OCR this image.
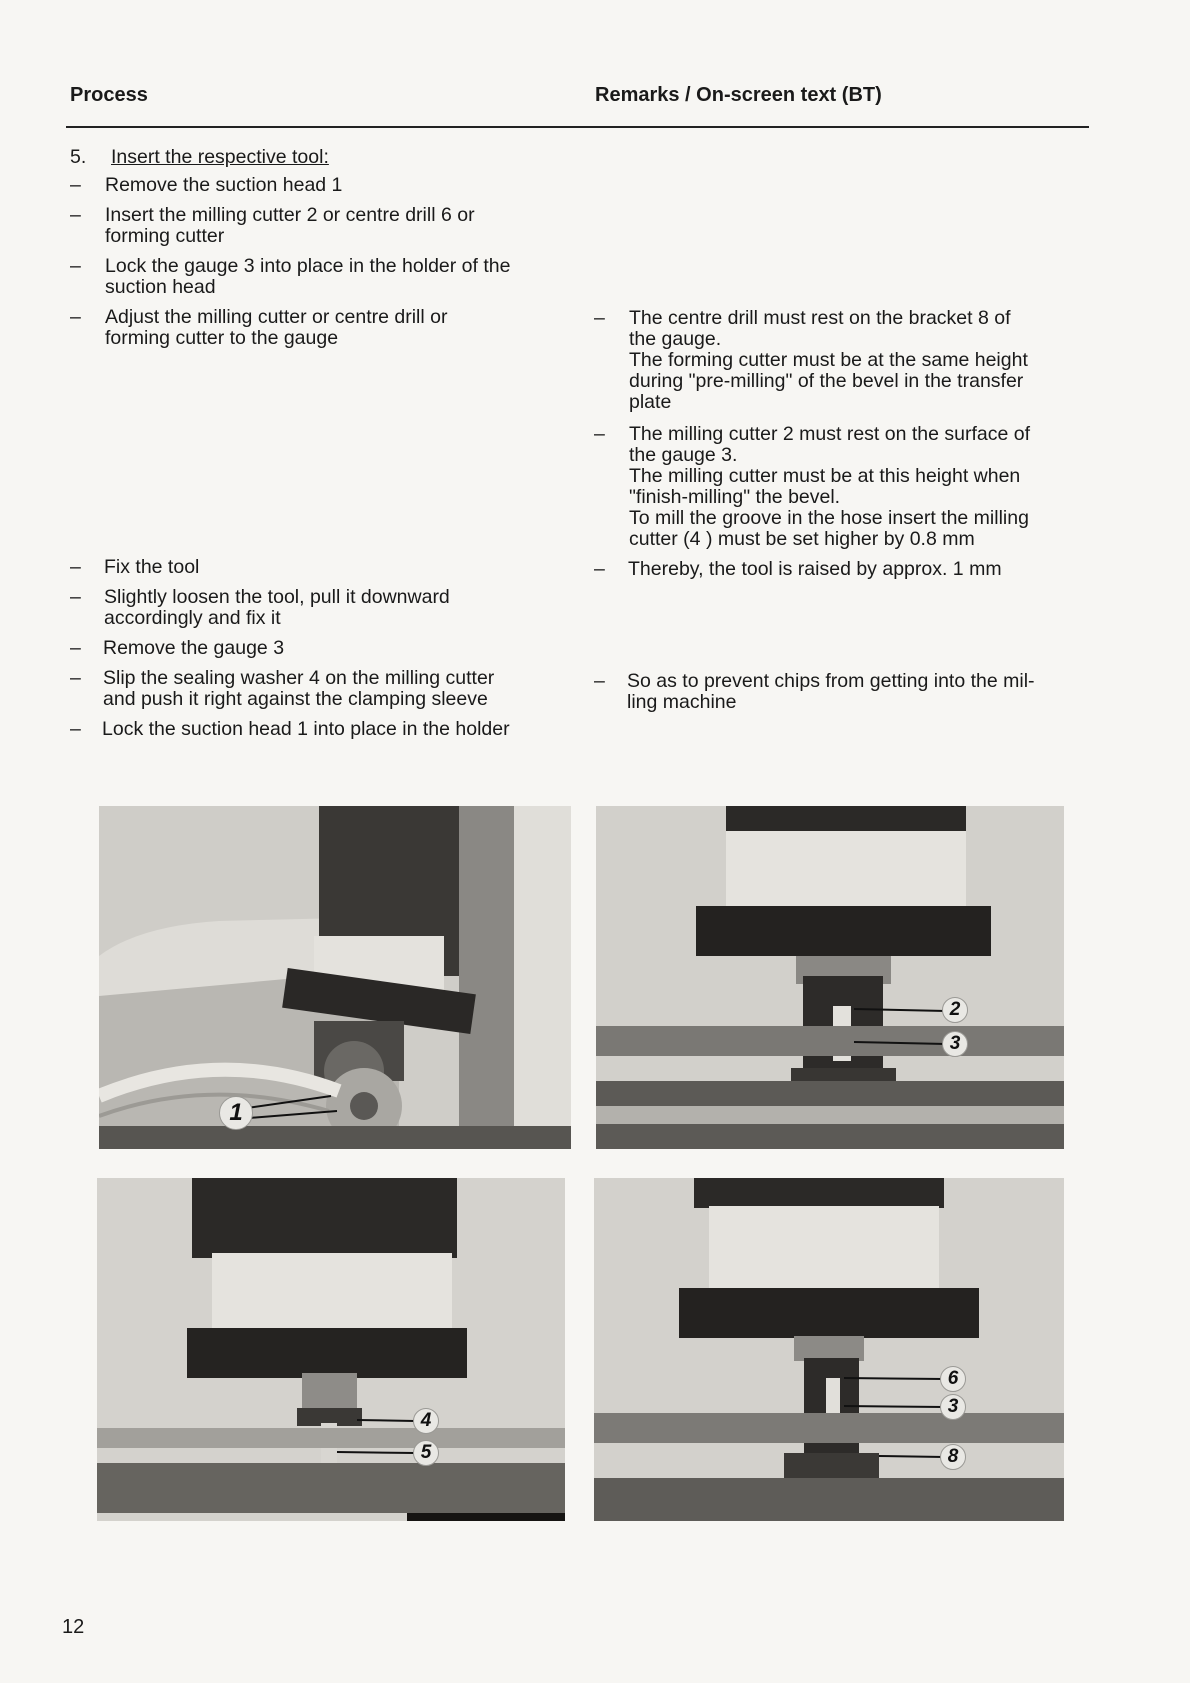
Process	Remarks / On-screen text (BT)
5. Insert the respective tool:
– Remove the suction head 1
– Insert the milling cutter 2 or centre drill 6 or
forming cutter
– Lock the gauge 3 into place in the holder of the
suction head
– Adjust the milling cutter or centre drill or
forming cutter to the gauge
– Fix the tool
– Slightly loosen the tool, pull it downward
accordingly and fix it
– Remove the gauge 3
– Slip the sealing washer 4 on the milling cutter
and push it right against the clamping sleeve
– Lock the suction head 1 into place in the holder
– The centre drill must rest on the bracket 8 of
the gauge.
The forming cutter must be at the same height
during "pre-milling" of the bevel in the transfer
plate
– The milling cutter 2 must rest on the surface of
the gauge 3.
The milling cutter must be at this height when
"finish-milling" the bevel.
To mill the groove in the hose insert the milling
cutter (4 ) must be set higher by 0.8 mm
– Thereby, the tool is raised by approx. 1 mm
– So as to prevent chips from getting into the mil-
ling machine
1
2
3
4
5
6
3
8
12
